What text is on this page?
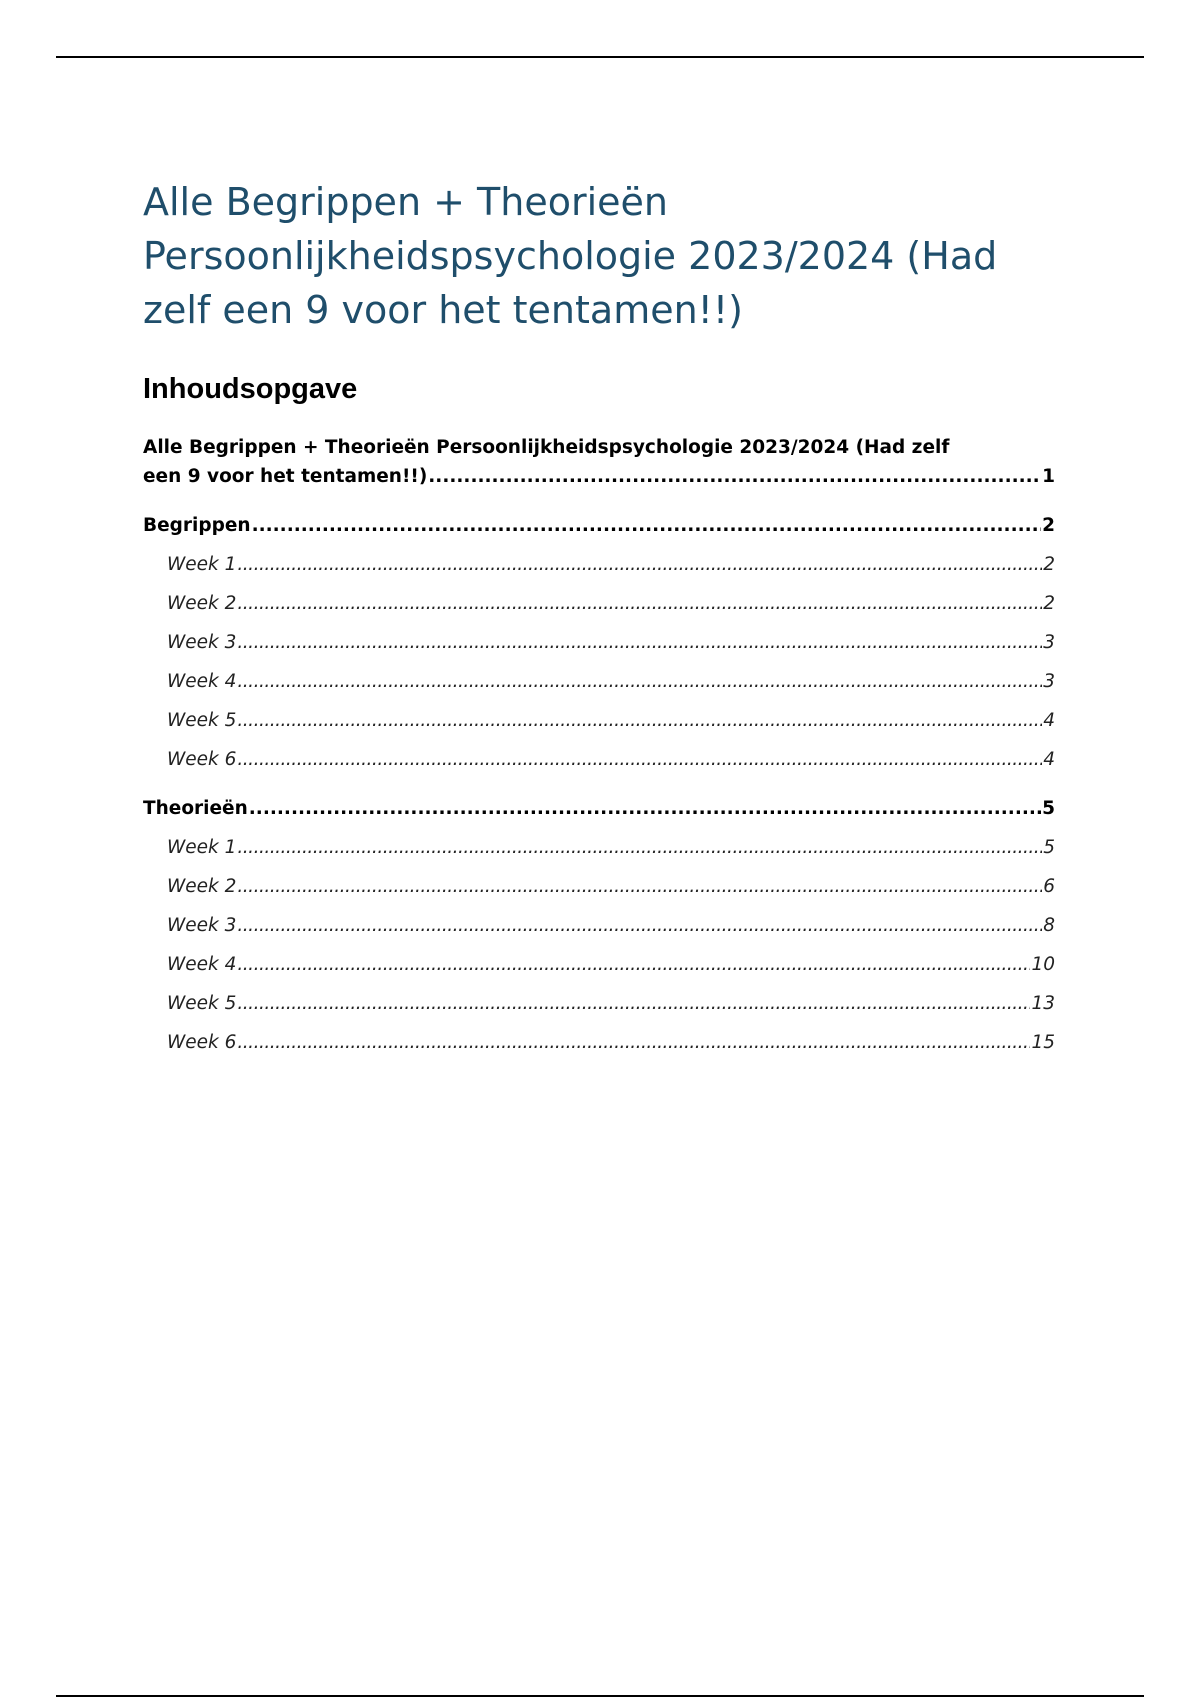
Alle Begrippen + Theorieën
Persoonlijkheidspsychologie 2023/2024 (Had
zelf een 9 voor het tentamen!!)
Inhoudsopgave
Alle Begrippen + Theorieën Persoonlijkheidspsychologie 2023/2024 (Had zelf
een 9 voor het tentamen!!) .....	1
Begrippen .....	2
Week 1 .....	2
Week 2 .....	2
Week 3 .....	3
Week 4 .....	3
Week 5 .....	4
Week 6 .....	4
Theorieën .....	5
Week 1 .....	5
Week 2 .....	6
Week 3 .....	8
Week 4 .....	10
Week 5 .....	13
Week 6 .....	15
